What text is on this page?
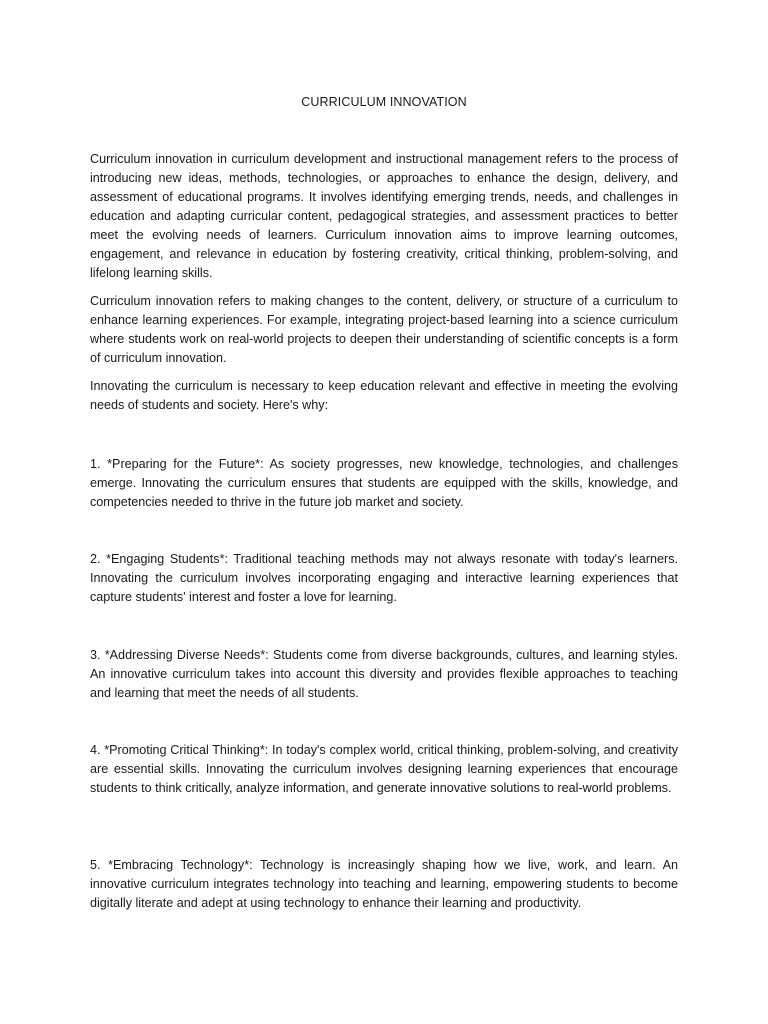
CURRICULUM INNOVATION

Curriculum innovation in curriculum development and instructional management refers to the process of introducing new ideas, methods, technologies, or approaches to enhance the design, delivery, and assessment of educational programs. It involves identifying emerging trends, needs, and challenges in education and adapting curricular content, pedagogical strategies, and assessment practices to better meet the evolving needs of learners. Curriculum innovation aims to improve learning outcomes, engagement, and relevance in education by fostering creativity, critical thinking, problem-solving, and lifelong learning skills.

Curriculum innovation refers to making changes to the content, delivery, or structure of a curriculum to enhance learning experiences. For example, integrating project-based learning into a science curriculum where students work on real-world projects to deepen their understanding of scientific concepts is a form of curriculum innovation.

Innovating the curriculum is necessary to keep education relevant and effective in meeting the evolving needs of students and society. Here's why:

1. *Preparing for the Future*: As society progresses, new knowledge, technologies, and challenges emerge. Innovating the curriculum ensures that students are equipped with the skills, knowledge, and competencies needed to thrive in the future job market and society.

2. *Engaging Students*: Traditional teaching methods may not always resonate with today's learners. Innovating the curriculum involves incorporating engaging and interactive learning experiences that capture students' interest and foster a love for learning.

3. *Addressing Diverse Needs*: Students come from diverse backgrounds, cultures, and learning styles. An innovative curriculum takes into account this diversity and provides flexible approaches to teaching and learning that meet the needs of all students.

4. *Promoting Critical Thinking*: In today's complex world, critical thinking, problem-solving, and creativity are essential skills. Innovating the curriculum involves designing learning experiences that encourage students to think critically, analyze information, and generate innovative solutions to real-world problems.

5. *Embracing Technology*: Technology is increasingly shaping how we live, work, and learn. An innovative curriculum integrates technology into teaching and learning, empowering students to become digitally literate and adept at using technology to enhance their learning and productivity.
